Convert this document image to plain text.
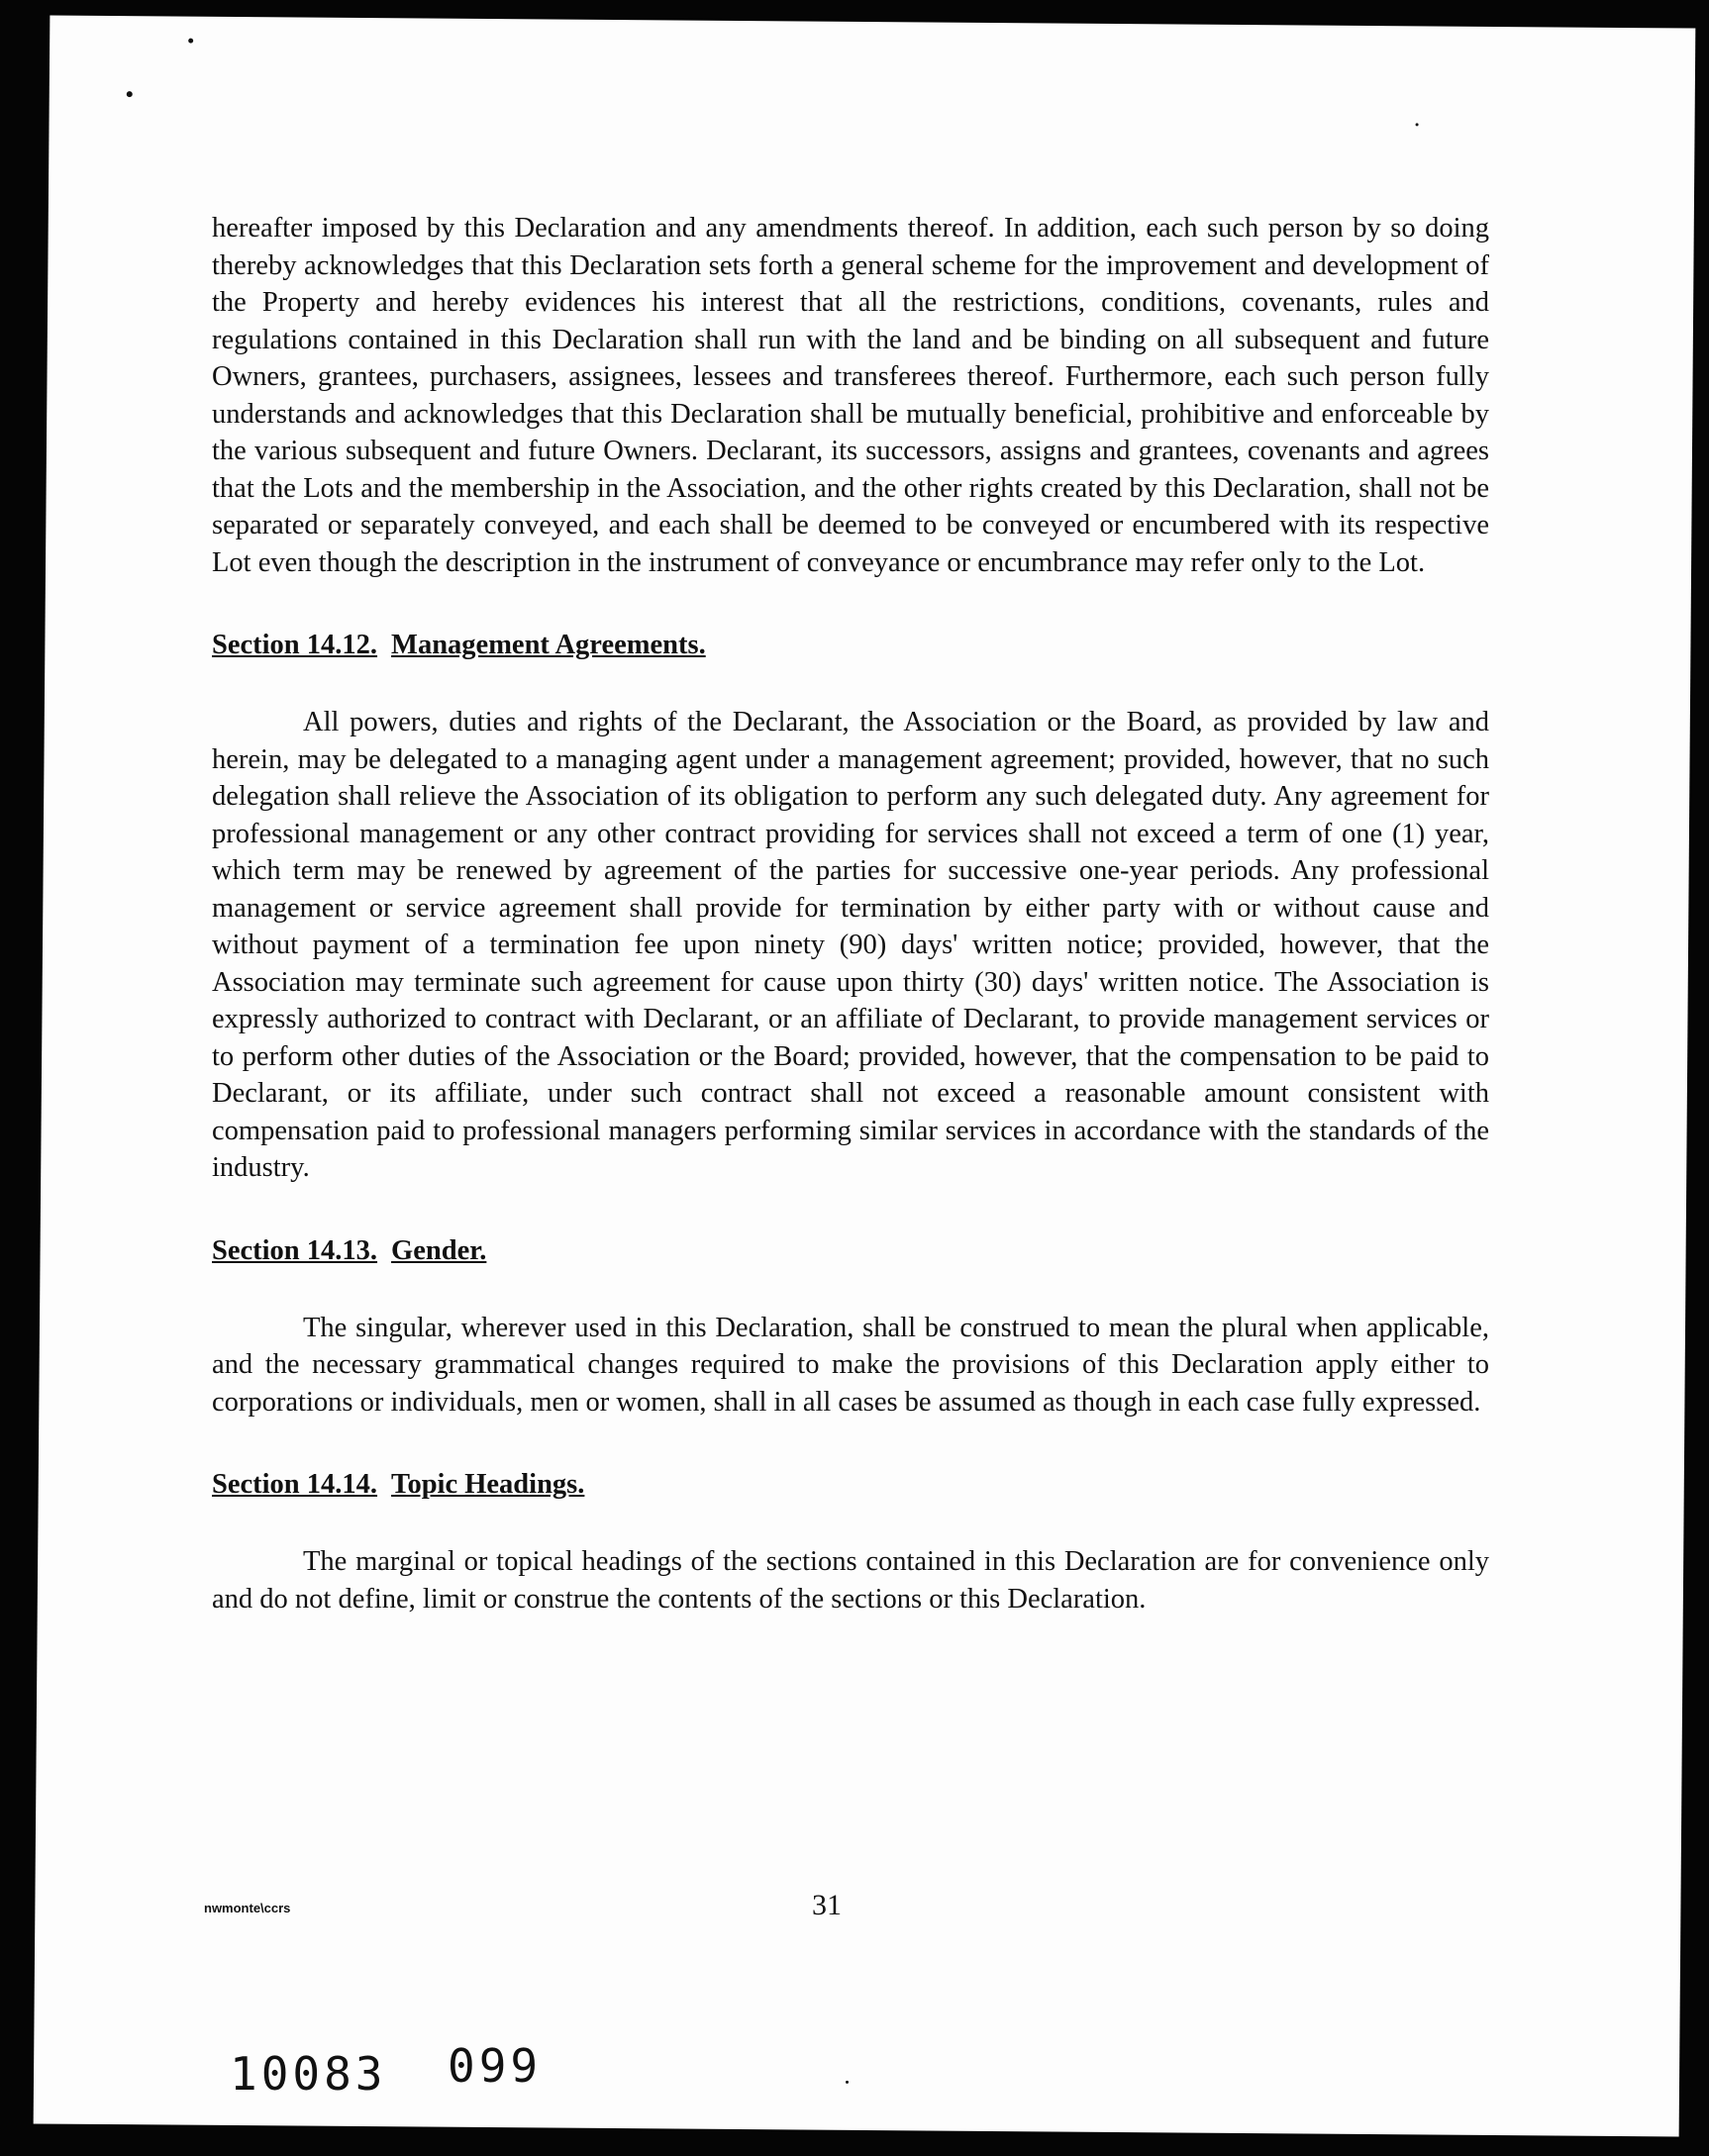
hereafter imposed by this Declaration and any amendments thereof. In addition, each such person by so doing thereby acknowledges that this Declaration sets forth a general scheme for the improvement and development of the Property and hereby evidences his interest that all the restrictions, conditions, covenants, rules and regulations contained in this Declaration shall run with the land and be binding on all subsequent and future Owners, grantees, purchasers, assignees, lessees and transferees thereof. Furthermore, each such person fully understands and acknowledges that this Declaration shall be mutually beneficial, prohibitive and enforceable by the various subsequent and future Owners. Declarant, its successors, assigns and grantees, covenants and agrees that the Lots and the membership in the Association, and the other rights created by this Declaration, shall not be separated or separately conveyed, and each shall be deemed to be conveyed or encumbered with its respective Lot even though the description in the instrument of conveyance or encumbrance may refer only to the Lot.

Section 14.12. Management Agreements.

All powers, duties and rights of the Declarant, the Association or the Board, as provided by law and herein, may be delegated to a managing agent under a management agreement; provided, however, that no such delegation shall relieve the Association of its obligation to perform any such delegated duty. Any agreement for professional management or any other contract providing for services shall not exceed a term of one (1) year, which term may be renewed by agreement of the parties for successive one-year periods. Any professional management or service agreement shall provide for termination by either party with or without cause and without payment of a termination fee upon ninety (90) days' written notice; provided, however, that the Association may terminate such agreement for cause upon thirty (30) days' written notice. The Association is expressly authorized to contract with Declarant, or an affiliate of Declarant, to provide management services or to perform other duties of the Association or the Board; provided, however, that the compensation to be paid to Declarant, or its affiliate, under such contract shall not exceed a reasonable amount consistent with compensation paid to professional managers performing similar services in accordance with the standards of the industry.

Section 14.13. Gender.

The singular, wherever used in this Declaration, shall be construed to mean the plural when applicable, and the necessary grammatical changes required to make the provisions of this Declaration apply either to corporations or individuals, men or women, shall in all cases be assumed as though in each case fully expressed.

Section 14.14. Topic Headings.

The marginal or topical headings of the sections contained in this Declaration are for convenience only and do not define, limit or construe the contents of the sections or this Declaration.

nwmonte\ccrs	31
10083 099
